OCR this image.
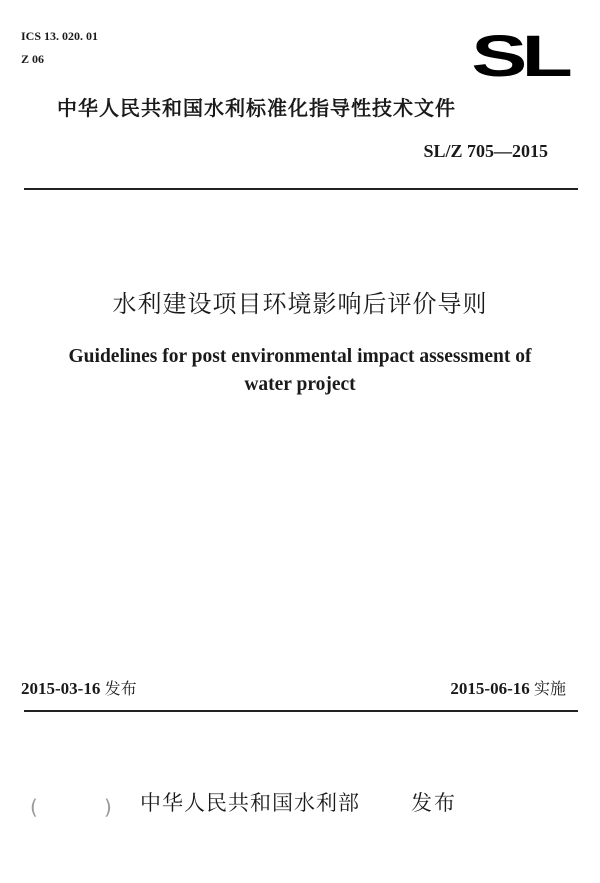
ICS 13. 020. 01
Z 06	SL
中华人民共和国水利标准化指导性技术文件
SL/Z 705—2015
水利建设项目环境影响后评价导则
Guidelines for post environmental impact assessment of
water project
2015-03-16 发布	2015-06-16 实施
(	) 中华人民共和国水利部 发布
